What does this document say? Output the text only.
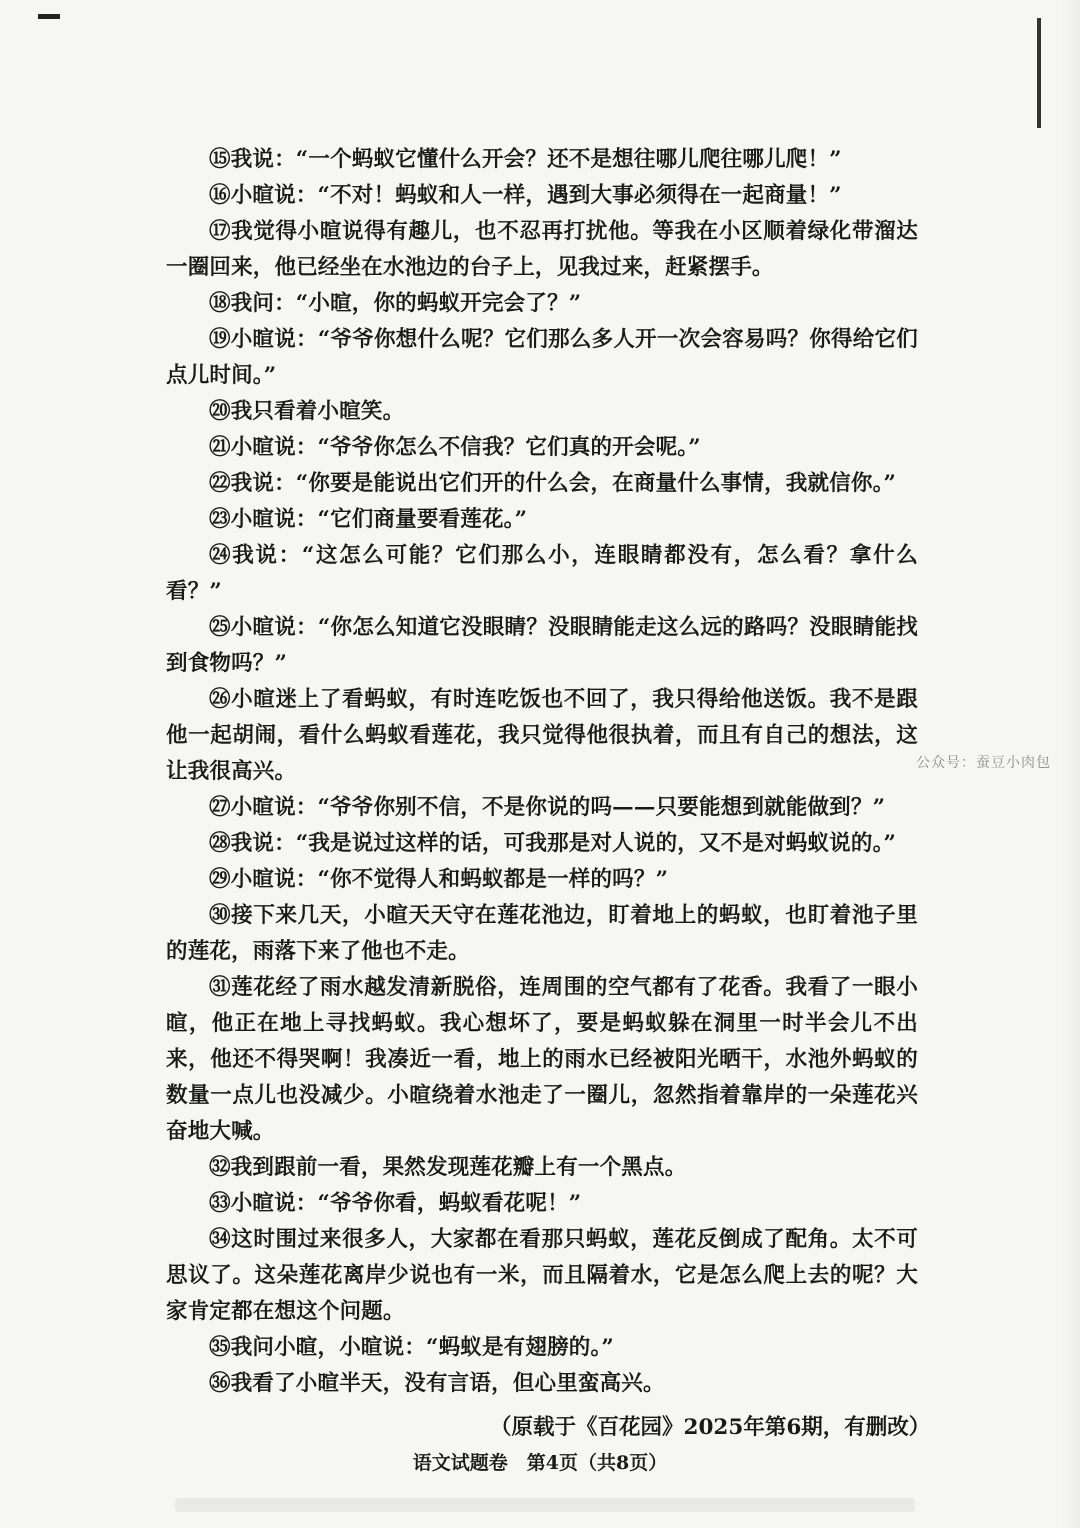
⑮我说：“一个蚂蚁它懂什么开会？还不是想往哪儿爬往哪儿爬！”

⑯小暄说：“不对！蚂蚁和人一样，遇到大事必须得在一起商量！”

⑰我觉得小暄说得有趣儿，也不忍再打扰他。等我在小区顺着绿化带溜达一圈回来，他已经坐在水池边的台子上，见我过来，赶紧摆手。

⑱我问：“小暄，你的蚂蚁开完会了？”

⑲小暄说：“爷爷你想什么呢？它们那么多人开一次会容易吗？你得给它们点儿时间。”

⑳我只看着小暄笑。

㉑小暄说：“爷爷你怎么不信我？它们真的开会呢。”

㉒我说：“你要是能说出它们开的什么会，在商量什么事情，我就信你。”

㉓小暄说：“它们商量要看莲花。”

㉔我说：“这怎么可能？它们那么小，连眼睛都没有，怎么看？拿什么看？”

㉕小暄说：“你怎么知道它没眼睛？没眼睛能走这么远的路吗？没眼睛能找到食物吗？”

㉖小暄迷上了看蚂蚁，有时连吃饭也不回了，我只得给他送饭。我不是跟他一起胡闹，看什么蚂蚁看莲花，我只觉得他很执着，而且有自己的想法，这让我很高兴。

㉗小暄说：“爷爷你别不信，不是你说的吗——只要能想到就能做到？”

㉘我说：“我是说过这样的话，可我那是对人说的，又不是对蚂蚁说的。”

㉙小暄说：“你不觉得人和蚂蚁都是一样的吗？”

㉚接下来几天，小暄天天守在莲花池边，盯着地上的蚂蚁，也盯着池子里的莲花，雨落下来了他也不走。

㉛莲花经了雨水越发清新脱俗，连周围的空气都有了花香。我看了一眼小暄，他正在地上寻找蚂蚁。我心想坏了，要是蚂蚁躲在洞里一时半会儿不出来，他还不得哭啊！我凑近一看，地上的雨水已经被阳光晒干，水池外蚂蚁的数量一点儿也没减少。小暄绕着水池走了一圈儿，忽然指着靠岸的一朵莲花兴奋地大喊。

㉜我到跟前一看，果然发现莲花瓣上有一个黑点。

㉝小暄说：“爷爷你看，蚂蚁看花呢！”

㉞这时围过来很多人，大家都在看那只蚂蚁，莲花反倒成了配角。太不可思议了。这朵莲花离岸少说也有一米，而且隔着水，它是怎么爬上去的呢？大家肯定都在想这个问题。

㉟我问小暄，小暄说：“蚂蚁是有翅膀的。”

㊱我看了小暄半天，没有言语，但心里蛮高兴。

（原载于《百花园》2025年第6期，有删改）
语文试题卷　第4页（共8页）
公众号：蚕豆小肉包
